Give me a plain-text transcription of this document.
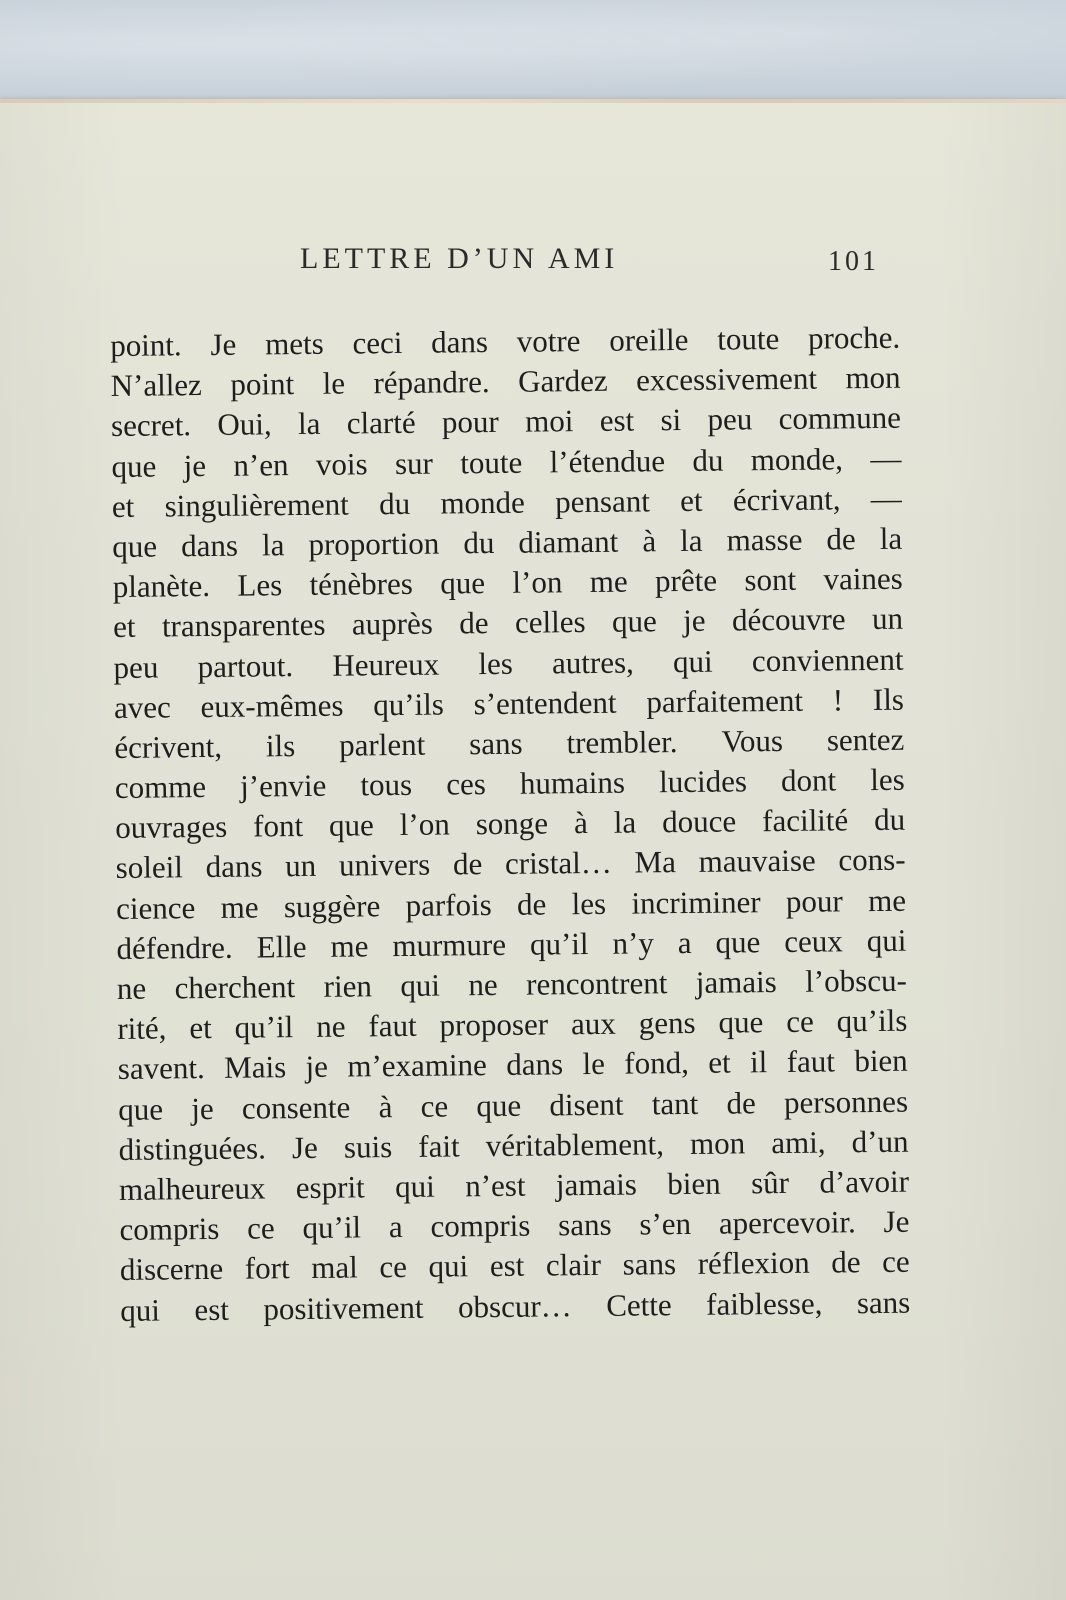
LETTRE D’UN AMI	101
point. Je mets ceci dans votre oreille toute proche.
N’allez point le répandre. Gardez excessivement mon
secret. Oui, la clarté pour moi est si peu commune
que je n’en vois sur toute l’étendue du monde, —
et singulièrement du monde pensant et écrivant, —
que dans la proportion du diamant à la masse de la
planète. Les ténèbres que l’on me prête sont vaines
et transparentes auprès de celles que je découvre un
peu partout. Heureux les autres, qui conviennent
avec eux-mêmes qu’ils s’entendent parfaitement ! Ils
écrivent, ils parlent sans trembler. Vous sentez
comme j’envie tous ces humains lucides dont les
ouvrages font que l’on songe à la douce facilité du
soleil dans un univers de cristal… Ma mauvaise cons-
cience me suggère parfois de les incriminer pour me
défendre. Elle me murmure qu’il n’y a que ceux qui
ne cherchent rien qui ne rencontrent jamais l’obscu-
rité, et qu’il ne faut proposer aux gens que ce qu’ils
savent. Mais je m’examine dans le fond, et il faut bien
que je consente à ce que disent tant de personnes
distinguées. Je suis fait véritablement, mon ami, d’un
malheureux esprit qui n’est jamais bien sûr d’avoir
compris ce qu’il a compris sans s’en apercevoir. Je
discerne fort mal ce qui est clair sans réflexion de ce
qui est positivement obscur… Cette faiblesse, sans
